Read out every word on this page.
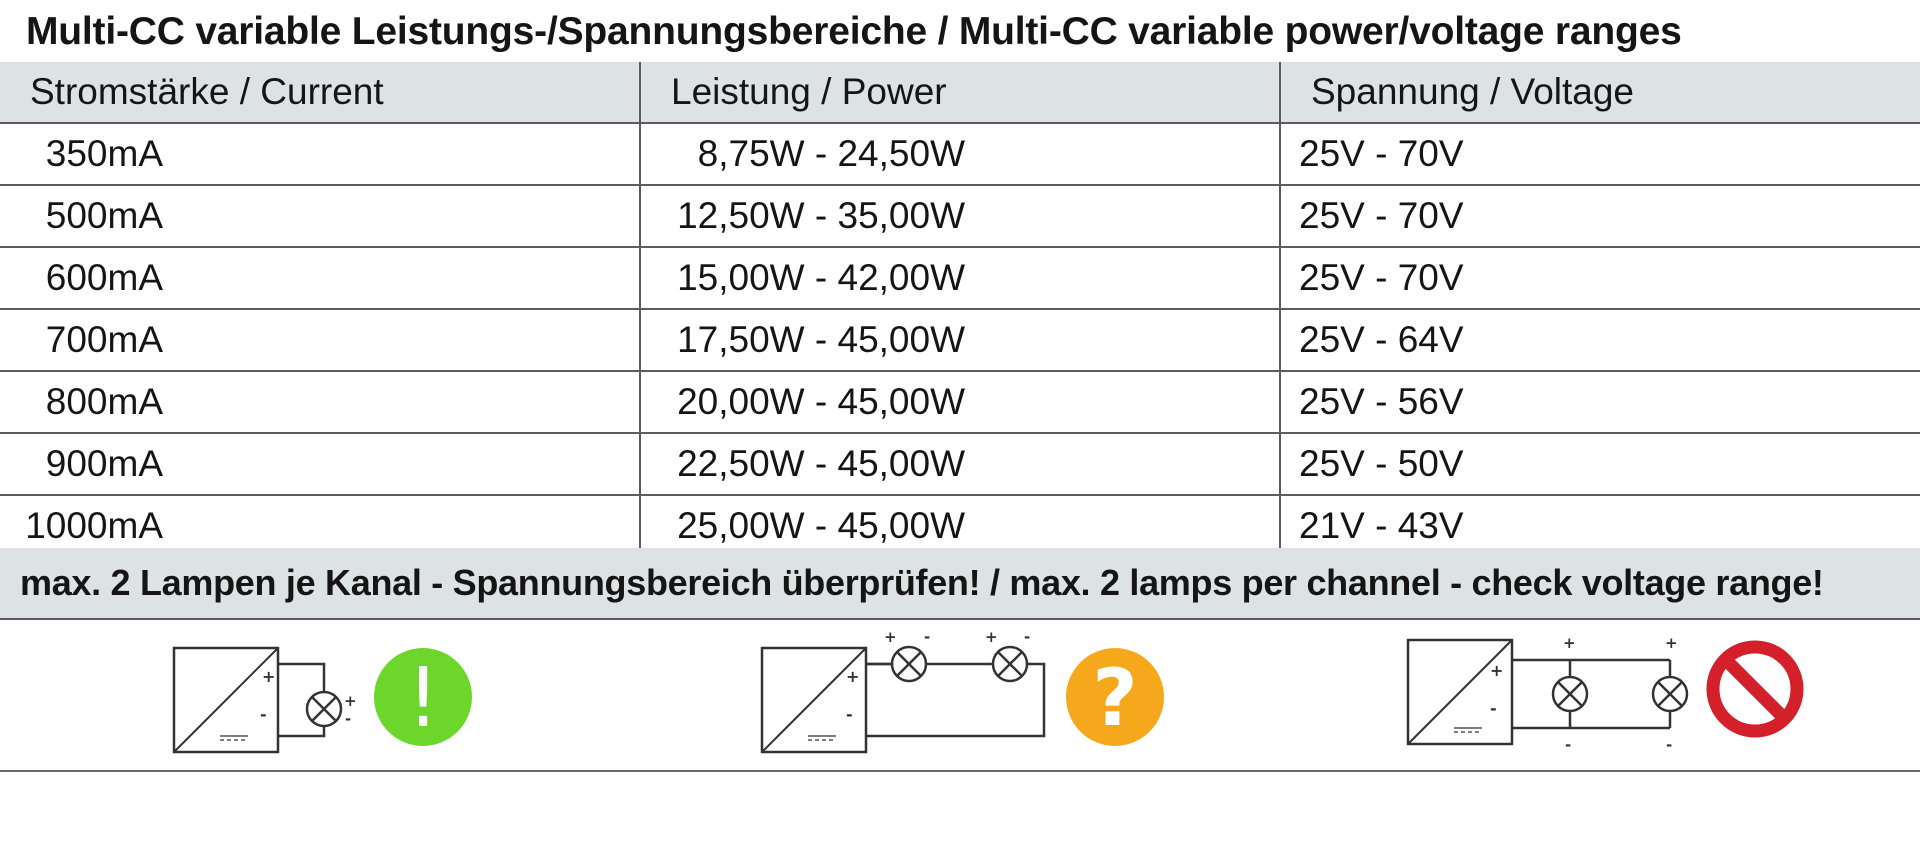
Multi-CC variable Leistungs-/Spannungsbereiche / Multi-CC variable power/voltage ranges
Stromstärke / Current	Leistung / Power	Spannung / Voltage
350mA	8,75W - 24,50W	25V - 70V
500mA	12,50W - 35,00W	25V - 70V
600mA	15,00W - 42,00W	25V - 70V
700mA	17,50W - 45,00W	25V - 64V
800mA	20,00W - 45,00W	25V - 56V
900mA	22,50W - 45,00W	25V - 50V
1000mA	25,00W - 45,00W	21V - 43V
max. 2 Lampen je Kanal - Spannungsbereich überprüfen! / max. 2 lamps per channel - check voltage range!
+
-
+
- !	+
-
+ -	+ -
?	+
-
+	+
-	-
